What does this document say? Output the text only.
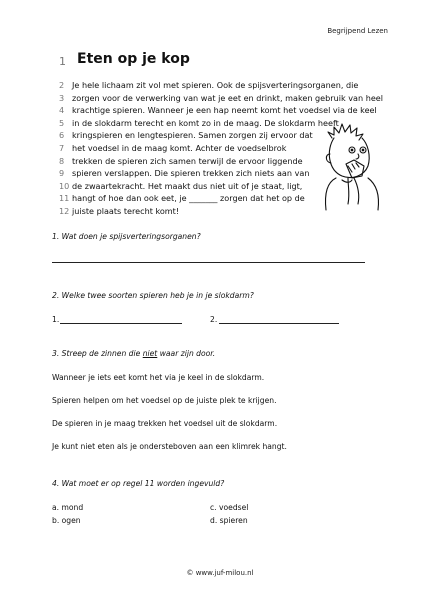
Begrijpend Lezen
1 Eten op je kop
2 Je hele lichaam zit vol met spieren. Ook de spijsverteringsorganen, die
3 zorgen voor de verwerking van wat je eet en drinkt, maken gebruik van heel
4 krachtige spieren. Wanneer je een hap neemt komt het voedsel via de keel
5 in de slokdarm terecht en komt zo in de maag. De slokdarm heeft
6 kringspieren en lengtespieren. Samen zorgen zij ervoor dat
7 het voedsel in de maag komt. Achter de voedselbrok
8 trekken de spieren zich samen terwijl de ervoor liggende
9 spieren verslappen. Die spieren trekken zich niets aan van
10 de zwaartekracht. Het maakt dus niet uit of je staat, ligt,
11 hangt of hoe dan ook eet, je _______ zorgen dat het op de
12 juiste plaats terecht komt!
1. Wat doen je spijsverteringsorganen?
2. Welke twee soorten spieren heb je in je slokdarm?
1.	2.
3. Streep de zinnen die niet waar zijn door.
Wanneer je iets eet komt het via je keel in de slokdarm.
Spieren helpen om het voedsel op de juiste plek te krijgen.
De spieren in je maag trekken het voedsel uit de slokdarm.
Je kunt niet eten als je ondersteboven aan een klimrek hangt.
4. Wat moet er op regel 11 worden ingevuld?
a. mond
b. ogen
c. voedsel
d. spieren
© www.juf-milou.nl
